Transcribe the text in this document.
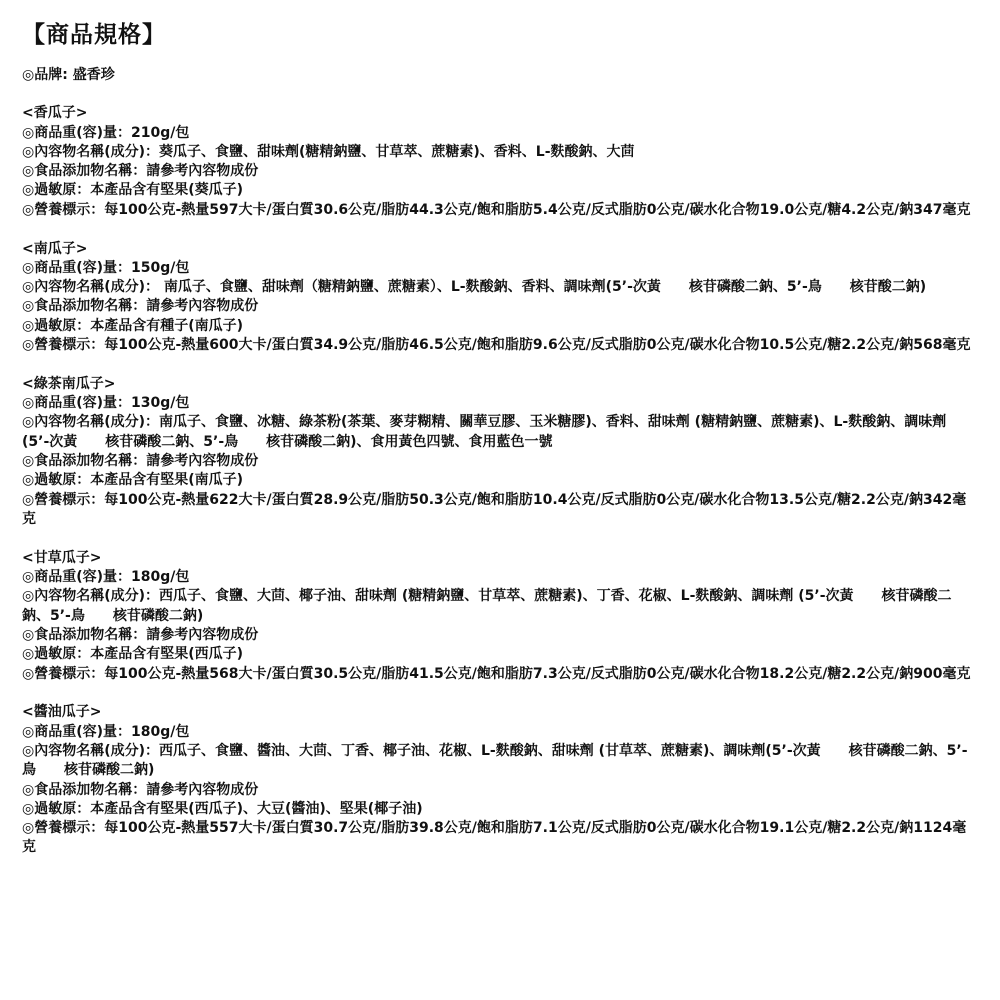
【商品規格】
◎品牌: 盛香珍
<香瓜子>
◎商品重(容)量：210g/包
◎內容物名稱(成分)：葵瓜子、食鹽、甜味劑(糖精鈉鹽、甘草萃、蔗糖素)、香料、L-麩酸鈉、大茴
◎食品添加物名稱：請參考內容物成份
◎過敏原：本產品含有堅果(葵瓜子)
◎營養標示：每100公克-熱量597大卡/蛋白質30.6公克/脂肪44.3公克/飽和脂肪5.4公克/反式脂肪0公克/碳水化合物19.0公克/糖4.2公克/鈉347毫克
<南瓜子>
◎商品重(容)量：150g/包
◎內容物名稱(成分)： 南瓜子、食鹽、甜味劑（糖精鈉鹽、蔗糖素）、L-麩酸鈉、香料、調味劑(5’-次黃　　核苷磷酸二鈉、5’-鳥　　核苷酸二鈉)
◎食品添加物名稱：請參考內容物成份
◎過敏原：本產品含有種子(南瓜子)
◎營養標示：每100公克-熱量600大卡/蛋白質34.9公克/脂肪46.5公克/飽和脂肪9.6公克/反式脂肪0公克/碳水化合物10.5公克/糖2.2公克/鈉568毫克
<綠茶南瓜子>
◎商品重(容)量：130g/包
◎內容物名稱(成分)：南瓜子、食鹽、冰糖、綠茶粉(茶葉、麥芽糊精、關華豆膠、玉米糖膠)、香料、甜味劑 (糖精鈉鹽、蔗糖素)、L-麩酸鈉、調味劑 (5’-次黃　　核苷磷酸二鈉、5’-鳥　　核苷磷酸二鈉)、食用黃色四號、食用藍色一號
◎食品添加物名稱：請參考內容物成份
◎過敏原：本產品含有堅果(南瓜子)
◎營養標示：每100公克-熱量622大卡/蛋白質28.9公克/脂肪50.3公克/飽和脂肪10.4公克/反式脂肪0公克/碳水化合物13.5公克/糖2.2公克/鈉342毫克
<甘草瓜子>
◎商品重(容)量：180g/包
◎內容物名稱(成分)：西瓜子、食鹽、大茴、椰子油、甜味劑 (糖精鈉鹽、甘草萃、蔗糖素)、丁香、花椒、L-麩酸鈉、調味劑 (5’-次黃　　核苷磷酸二鈉、5’-鳥　　核苷磷酸二鈉)
◎食品添加物名稱：請參考內容物成份
◎過敏原：本產品含有堅果(西瓜子)
◎營養標示：每100公克-熱量568大卡/蛋白質30.5公克/脂肪41.5公克/飽和脂肪7.3公克/反式脂肪0公克/碳水化合物18.2公克/糖2.2公克/鈉900毫克
<醬油瓜子>
◎商品重(容)量：180g/包
◎內容物名稱(成分)：西瓜子、食鹽、醬油、大茴、丁香、椰子油、花椒、L-麩酸鈉、甜味劑 (甘草萃、蔗糖素)、調味劑(5’-次黃　　核苷磷酸二鈉、5’-鳥　　核苷磷酸二鈉)
◎食品添加物名稱：請參考內容物成份
◎過敏原：本產品含有堅果(西瓜子)、大豆(醬油)、堅果(椰子油)
◎營養標示：每100公克-熱量557大卡/蛋白質30.7公克/脂肪39.8公克/飽和脂肪7.1公克/反式脂肪0公克/碳水化合物19.1公克/糖2.2公克/鈉1124毫克
